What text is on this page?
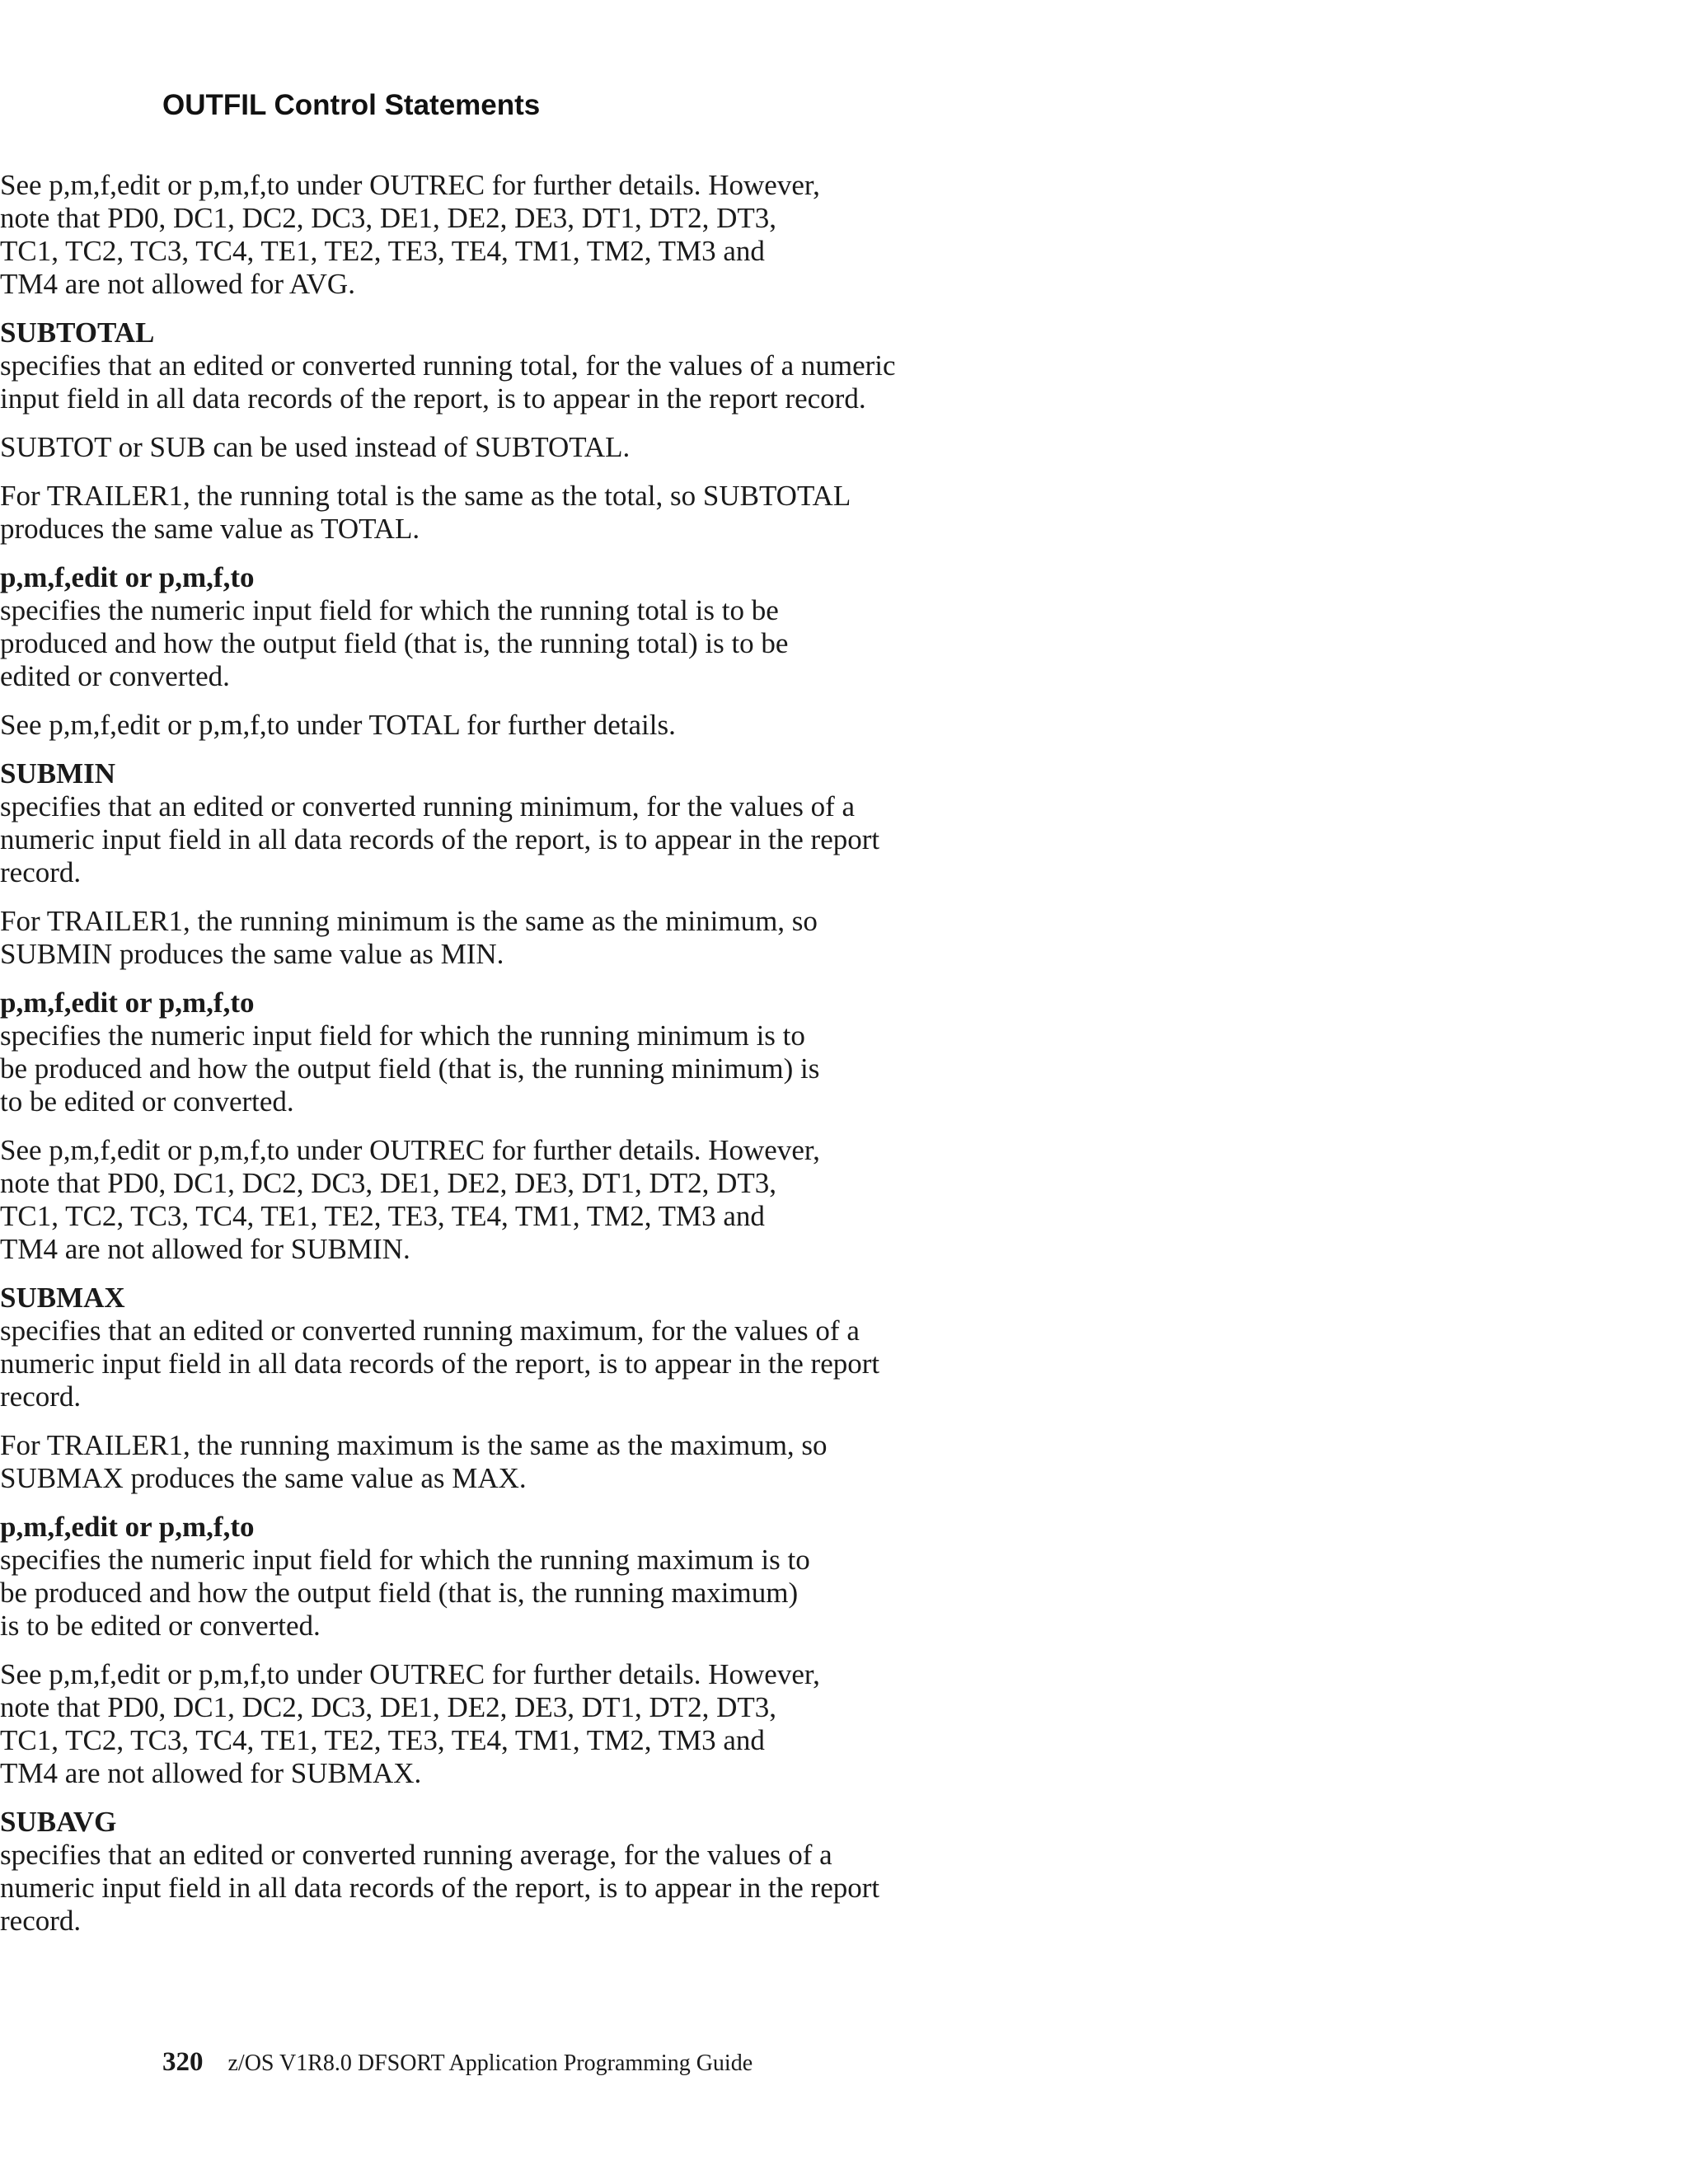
OUTFIL Control Statements

See p,m,f,edit or p,m,f,to under OUTREC for further details. However, note that PD0, DC1, DC2, DC3, DE1, DE2, DE3, DT1, DT2, DT3, TC1, TC2, TC3, TC4, TE1, TE2, TE3, TE4, TM1, TM2, TM3 and TM4 are not allowed for AVG.

SUBTOTAL

specifies that an edited or converted running total, for the values of a numeric input field in all data records of the report, is to appear in the report record.

SUBTOT or SUB can be used instead of SUBTOTAL.

For TRAILER1, the running total is the same as the total, so SUBTOTAL produces the same value as TOTAL.

p,m,f,edit or p,m,f,to

specifies the numeric input field for which the running total is to be produced and how the output field (that is, the running total) is to be edited or converted.

See p,m,f,edit or p,m,f,to under TOTAL for further details.

SUBMIN

specifies that an edited or converted running minimum, for the values of a numeric input field in all data records of the report, is to appear in the report record.

For TRAILER1, the running minimum is the same as the minimum, so SUBMIN produces the same value as MIN.

p,m,f,edit or p,m,f,to

specifies the numeric input field for which the running minimum is to be produced and how the output field (that is, the running minimum) is to be edited or converted.

See p,m,f,edit or p,m,f,to under OUTREC for further details. However, note that PD0, DC1, DC2, DC3, DE1, DE2, DE3, DT1, DT2, DT3, TC1, TC2, TC3, TC4, TE1, TE2, TE3, TE4, TM1, TM2, TM3 and TM4 are not allowed for SUBMIN.

SUBMAX

specifies that an edited or converted running maximum, for the values of a numeric input field in all data records of the report, is to appear in the report record.

For TRAILER1, the running maximum is the same as the maximum, so SUBMAX produces the same value as MAX.

p,m,f,edit or p,m,f,to

specifies the numeric input field for which the running maximum is to be produced and how the output field (that is, the running maximum) is to be edited or converted.

See p,m,f,edit or p,m,f,to under OUTREC for further details. However, note that PD0, DC1, DC2, DC3, DE1, DE2, DE3, DT1, DT2, DT3, TC1, TC2, TC3, TC4, TE1, TE2, TE3, TE4, TM1, TM2, TM3 and TM4 are not allowed for SUBMAX.

SUBAVG

specifies that an edited or converted running average, for the values of a numeric input field in all data records of the report, is to appear in the report record.

320 z/OS V1R8.0 DFSORT Application Programming Guide
